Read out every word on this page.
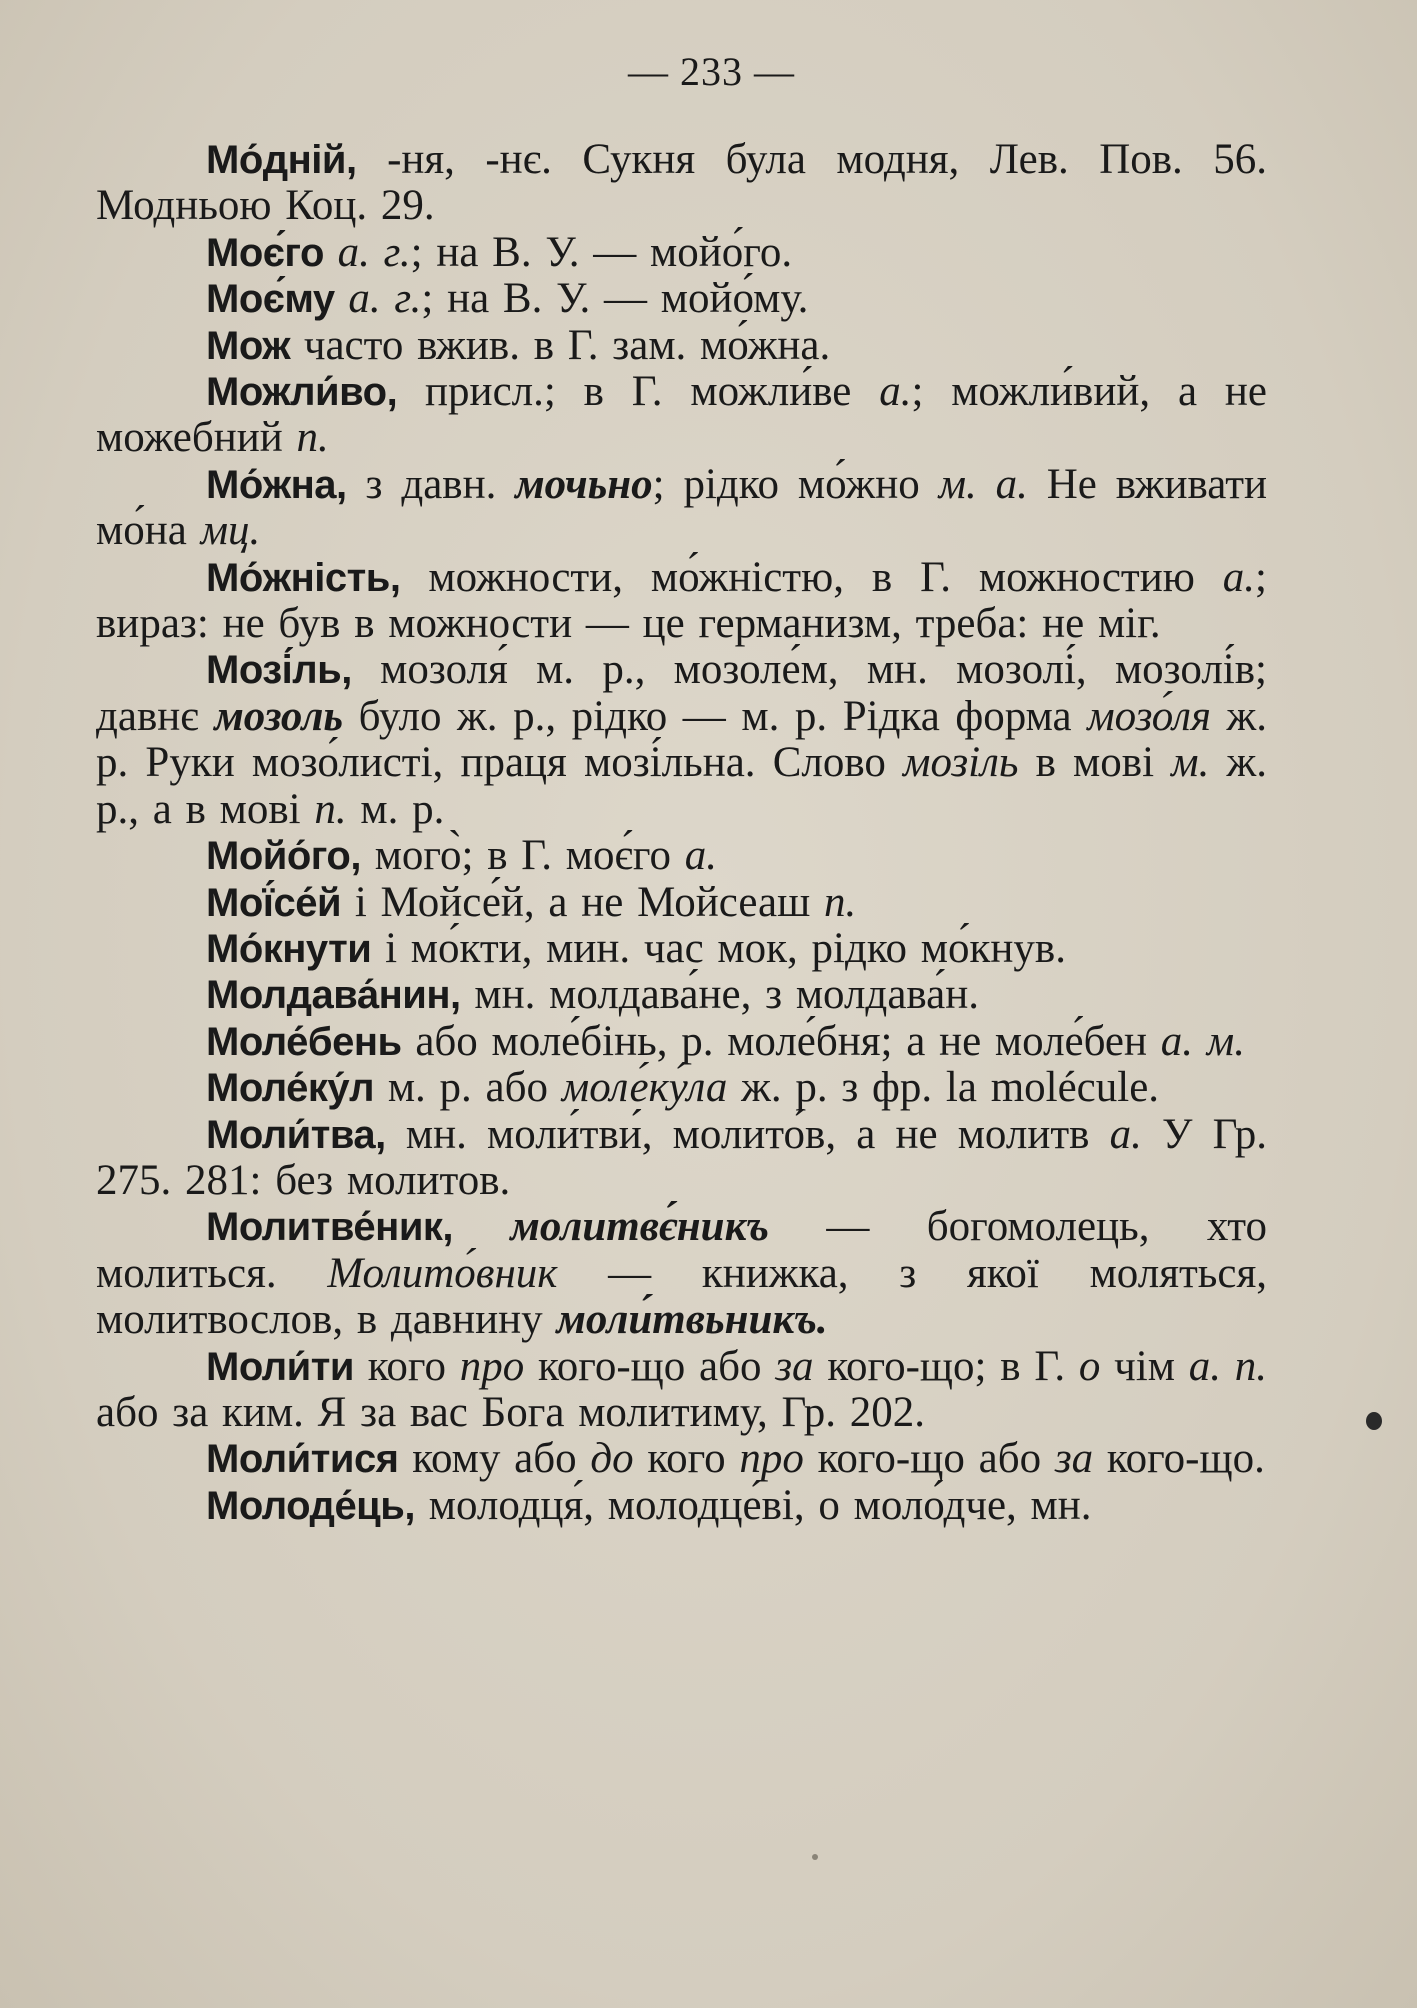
— 233 —

Мо́дній, -ня, -нє. Сукня була модня, Лев. Пов. 56. Модньою Коц. 29.

Моє́го а. г.; на В. У. — мойо́го.

Моє́му а. г.; на В. У. — мойо́му.

Мож часто вжив. в Г. зам. мо́жна.

Можли́во, присл.; в Г. можли́ве а.; можли́вий, а не можебний п.

Мо́жна, з давн. мочьно; рідко мо́жно м. а. Не вживати мо́на мц.

Мо́жність, можности, мо́жністю, в Г. можностию а.; вираз: не був в можности — це германизм, треба: не міг.

Мозі́ль, мозоля́ м. р., мозоле́м, мн. мозолі́, мозолі́в; давнє мозоль було ж. р., рідко — м. р. Рідка форма мозо́ля ж. р. Руки мозо́листі, праця мозі́льна. Слово мозіль в мові м. ж. р., а в мові п. м. р.

Мойо́го, мого̀; в Г. моє́го а.

Мої́се́й і Мойсе́й, а не Мойсеаш п.

Мо́кнути і мо́кти, мин. час мок, рідко мо́кнув.

Молдава́нин, мн. молдава́не, з молдава́н.

Моле́бень або моле́бінь, р. моле́бня; а не моле́бен а. м.

Моле́ку́л м. р. або моле́ку́ла ж. р. з фр. la molécule.

Моли́тва, мн. моли́тви́, молито́в, а не молитв а. У Гр. 275. 281: без молитов.

Молитве́ник, молитвє́никъ — богомолець, хто молиться. Молито́вник — книжка, з якої моляться, молитвослов, в давнину моли́твьникъ.

Моли́ти кого про кого-що або за кого-що; в Г. о чім а. п. або за ким. Я за вас Бога молитиму, Гр. 202.

Моли́тися кому або до кого про кого-що або за кого-що.

Молоде́ць, молодця́, молодце́ві, о моло́дче, мн.
